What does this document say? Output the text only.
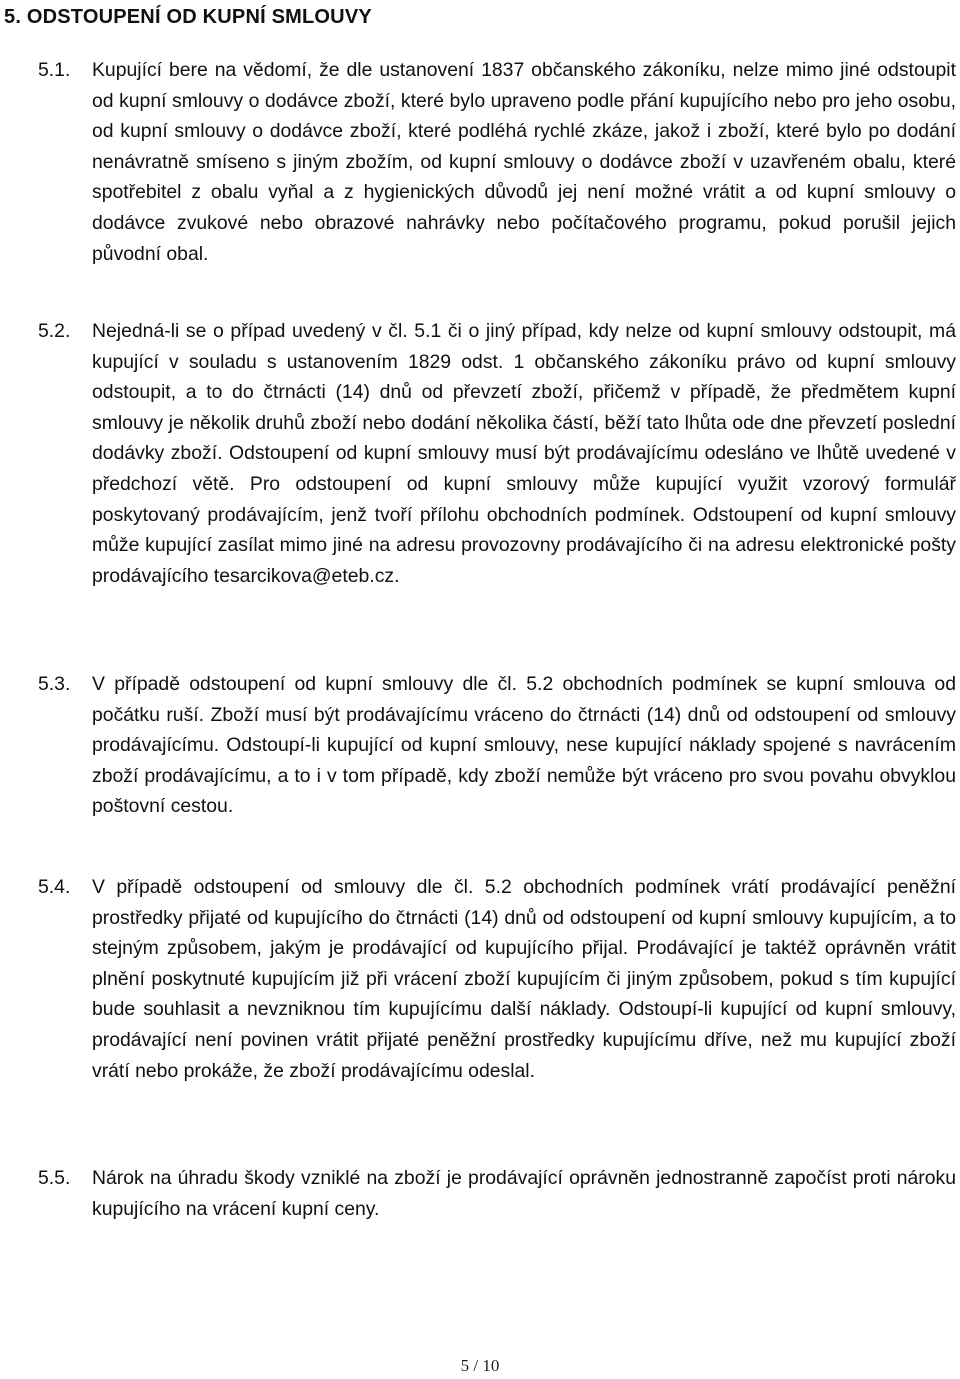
5. ODSTOUPENÍ OD KUPNÍ SMLOUVY
5.1.	Kupující bere na vědomí, že dle ustanovení 1837 občanského zákoníku, nelze mimo jiné odstoupit od kupní smlouvy o dodávce zboží, které bylo upraveno podle přání kupujícího nebo pro jeho osobu, od kupní smlouvy o dodávce zboží, které podléhá rychlé zkáze, jakož i zboží, které bylo po dodání nenávratně smíseno s jiným zbožím, od kupní smlouvy o dodávce zboží v uzavřeném obalu, které spotřebitel z obalu vyňal a z hygienických důvodů jej není možné vrátit a od kupní smlouvy o dodávce zvukové nebo obrazové nahrávky nebo počítačového programu, pokud porušil jejich původní obal.
5.2.	Nejedná-li se o případ uvedený v čl. 5.1 či o jiný případ, kdy nelze od kupní smlouvy odstoupit, má kupující v souladu s ustanovením 1829 odst. 1 občanského zákoníku právo od kupní smlouvy odstoupit, a to do čtrnácti (14) dnů od převzetí zboží, přičemž v případě, že předmětem kupní smlouvy je několik druhů zboží nebo dodání několika částí, běží tato lhůta ode dne převzetí poslední dodávky zboží. Odstoupení od kupní smlouvy musí být prodávajícímu odesláno ve lhůtě uvedené v předchozí větě. Pro odstoupení od kupní smlouvy může kupující využit vzorový formulář poskytovaný prodávajícím, jenž tvoří přílohu obchodních podmínek. Odstoupení od kupní smlouvy může kupující zasílat mimo jiné na adresu provozovny prodávajícího či na adresu elektronické pošty prodávajícího tesarcikova@eteb.cz.
5.3.	V případě odstoupení od kupní smlouvy dle čl. 5.2 obchodních podmínek se kupní smlouva od počátku ruší. Zboží musí být prodávajícímu vráceno do čtrnácti (14) dnů od odstoupení od smlouvy prodávajícímu. Odstoupí-li kupující od kupní smlouvy, nese kupující náklady spojené s navrácením zboží prodávajícímu, a to i v tom případě, kdy zboží nemůže být vráceno pro svou povahu obvyklou poštovní cestou.
5.4.	V případě odstoupení od smlouvy dle čl. 5.2 obchodních podmínek vrátí prodávající peněžní prostředky přijaté od kupujícího do čtrnácti (14) dnů od odstoupení od kupní smlouvy kupujícím, a to stejným způsobem, jakým je prodávající od kupujícího přijal. Prodávající je taktéž oprávněn vrátit plnění poskytnuté kupujícím již při vrácení zboží kupujícím či jiným způsobem, pokud s tím kupující bude souhlasit a nevzniknou tím kupujícímu další náklady. Odstoupí-li kupující od kupní smlouvy, prodávající není povinen vrátit přijaté peněžní prostředky kupujícímu dříve, než mu kupující zboží vrátí nebo prokáže, že zboží prodávajícímu odeslal.
5.5.	Nárok na úhradu škody vzniklé na zboží je prodávající oprávněn jednostranně započíst proti nároku kupujícího na vrácení kupní ceny.
5 / 10
